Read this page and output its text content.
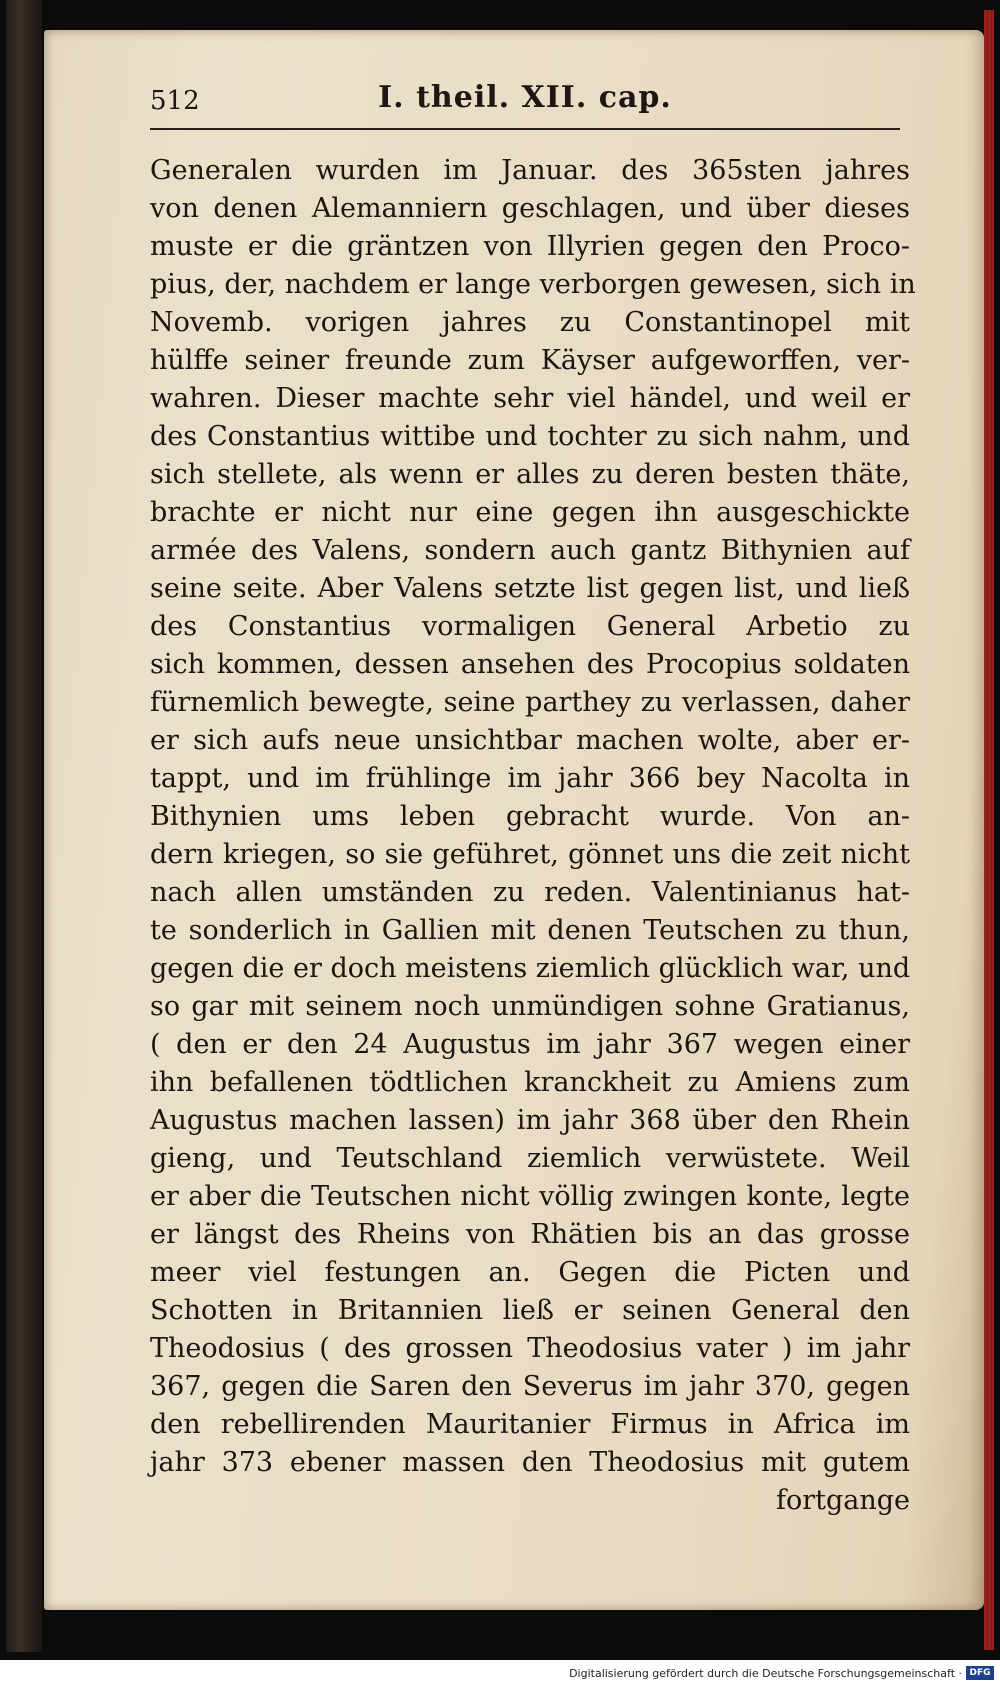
512	I. theil. XII. cap.
Generalen wurden im Januar. des 365sten jahres
von denen Alemanniern geschlagen, und über dieses
muste er die gräntzen von Illyrien gegen den Proco-
pius, der, nachdem er lange verborgen gewesen, sich in
Novemb. vorigen jahres zu Constantinopel mit
hülffe seiner freunde zum Käyser aufgeworffen, ver-
wahren. Dieser machte sehr viel händel, und weil er
des Constantius wittibe und tochter zu sich nahm, und
sich stellete, als wenn er alles zu deren besten thäte,
brachte er nicht nur eine gegen ihn ausgeschickte
armée des Valens, sondern auch gantz Bithynien auf
seine seite. Aber Valens setzte list gegen list, und ließ
des Constantius vormaligen General Arbetio zu
sich kommen, dessen ansehen des Procopius soldaten
fürnemlich bewegte, seine parthey zu verlassen, daher
er sich aufs neue unsichtbar machen wolte, aber er-
tappt, und im frühlinge im jahr 366 bey Nacolta in
Bithynien ums leben gebracht wurde. Von an-
dern kriegen, so sie geführet, gönnet uns die zeit nicht
nach allen umständen zu reden. Valentinianus hat-
te sonderlich in Gallien mit denen Teutschen zu thun,
gegen die er doch meistens ziemlich glücklich war, und
so gar mit seinem noch unmündigen sohne Gratianus,
( den er den 24 Augustus im jahr 367 wegen einer
ihn befallenen tödtlichen kranckheit zu Amiens zum
Augustus machen lassen) im jahr 368 über den Rhein
gieng, und Teutschland ziemlich verwüstete. Weil
er aber die Teutschen nicht völlig zwingen konte, legte
er längst des Rheins von Rhätien bis an das grosse
meer viel festungen an. Gegen die Picten und
Schotten in Britannien ließ er seinen General den
Theodosius ( des grossen Theodosius vater ) im jahr
367, gegen die Saren den Severus im jahr 370, gegen
den rebellirenden Mauritanier Firmus in Africa im
jahr 373 ebener massen den Theodosius mit gutem
fortgange
Digitalisierung gefördert durch die Deutsche Forschungsgemeinschaft · DFG
